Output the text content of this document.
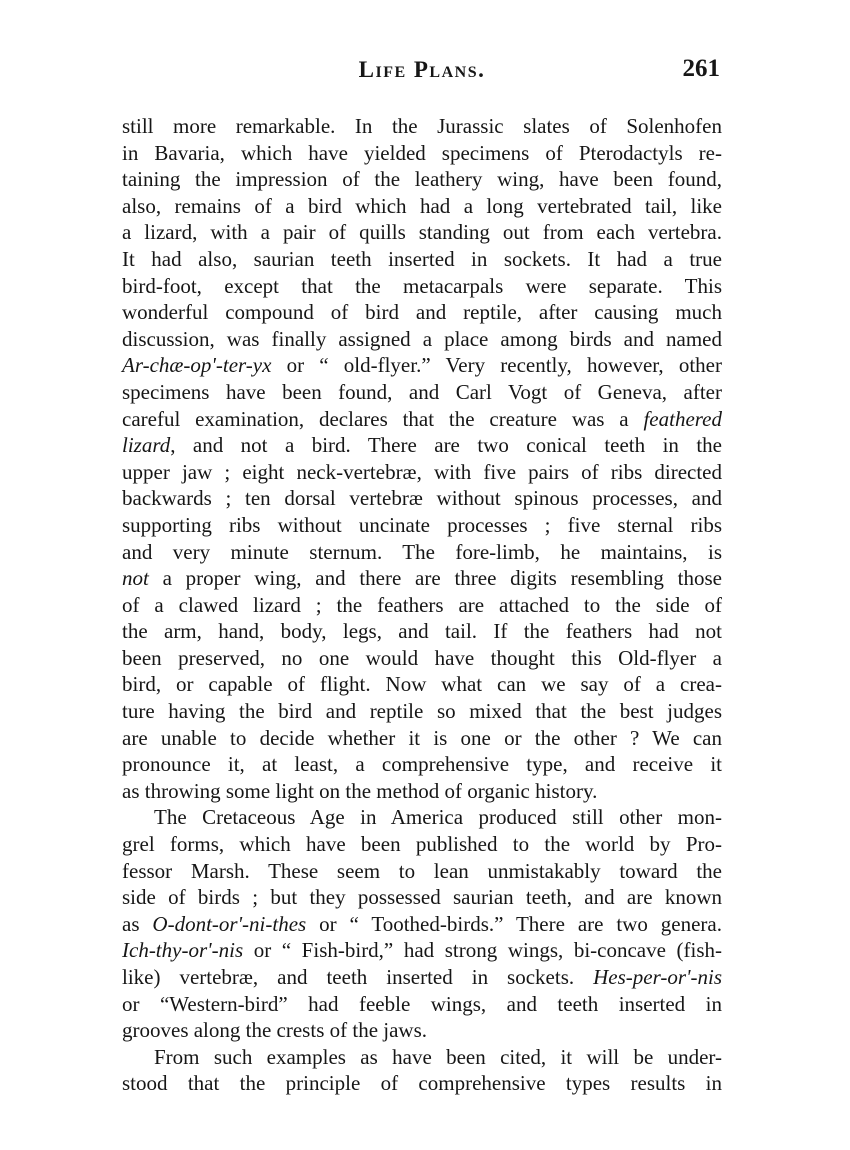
Life Plans.	261
still more remarkable. In the Jurassic slates of Solenhofen
in Bavaria, which have yielded specimens of Pterodactyls re-
taining the impression of the leathery wing, have been found,
also, remains of a bird which had a long vertebrated tail, like
a lizard, with a pair of quills standing out from each vertebra.
It had also, saurian teeth inserted in sockets. It had a true
bird-foot, except that the metacarpals were separate. This
wonderful compound of bird and reptile, after causing much
discussion, was finally assigned a place among birds and named
Ar-chæ-op'-ter-yx or “ old-flyer.” Very recently, however, other
specimens have been found, and Carl Vogt of Geneva, after
careful examination, declares that the creature was a feathered
lizard, and not a bird. There are two conical teeth in the
upper jaw ; eight neck-vertebræ, with five pairs of ribs directed
backwards ; ten dorsal vertebræ without spinous processes, and
supporting ribs without uncinate processes ; five sternal ribs
and very minute sternum. The fore-limb, he maintains, is
not a proper wing, and there are three digits resembling those
of a clawed lizard ; the feathers are attached to the side of
the arm, hand, body, legs, and tail. If the feathers had not
been preserved, no one would have thought this Old-flyer a
bird, or capable of flight. Now what can we say of a crea-
ture having the bird and reptile so mixed that the best judges
are unable to decide whether it is one or the other ? We can
pronounce it, at least, a comprehensive type, and receive it
as throwing some light on the method of organic history.
The Cretaceous Age in America produced still other mon-
grel forms, which have been published to the world by Pro-
fessor Marsh. These seem to lean unmistakably toward the
side of birds ; but they possessed saurian teeth, and are known
as O-dont-or'-ni-thes or “ Toothed-birds.” There are two genera.
Ich-thy-or'-nis or “ Fish-bird,” had strong wings, bi-concave (fish-
like) vertebræ, and teeth inserted in sockets. Hes-per-or'-nis
or “Western-bird” had feeble wings, and teeth inserted in
grooves along the crests of the jaws.
From such examples as have been cited, it will be under-
stood that the principle of comprehensive types results in
